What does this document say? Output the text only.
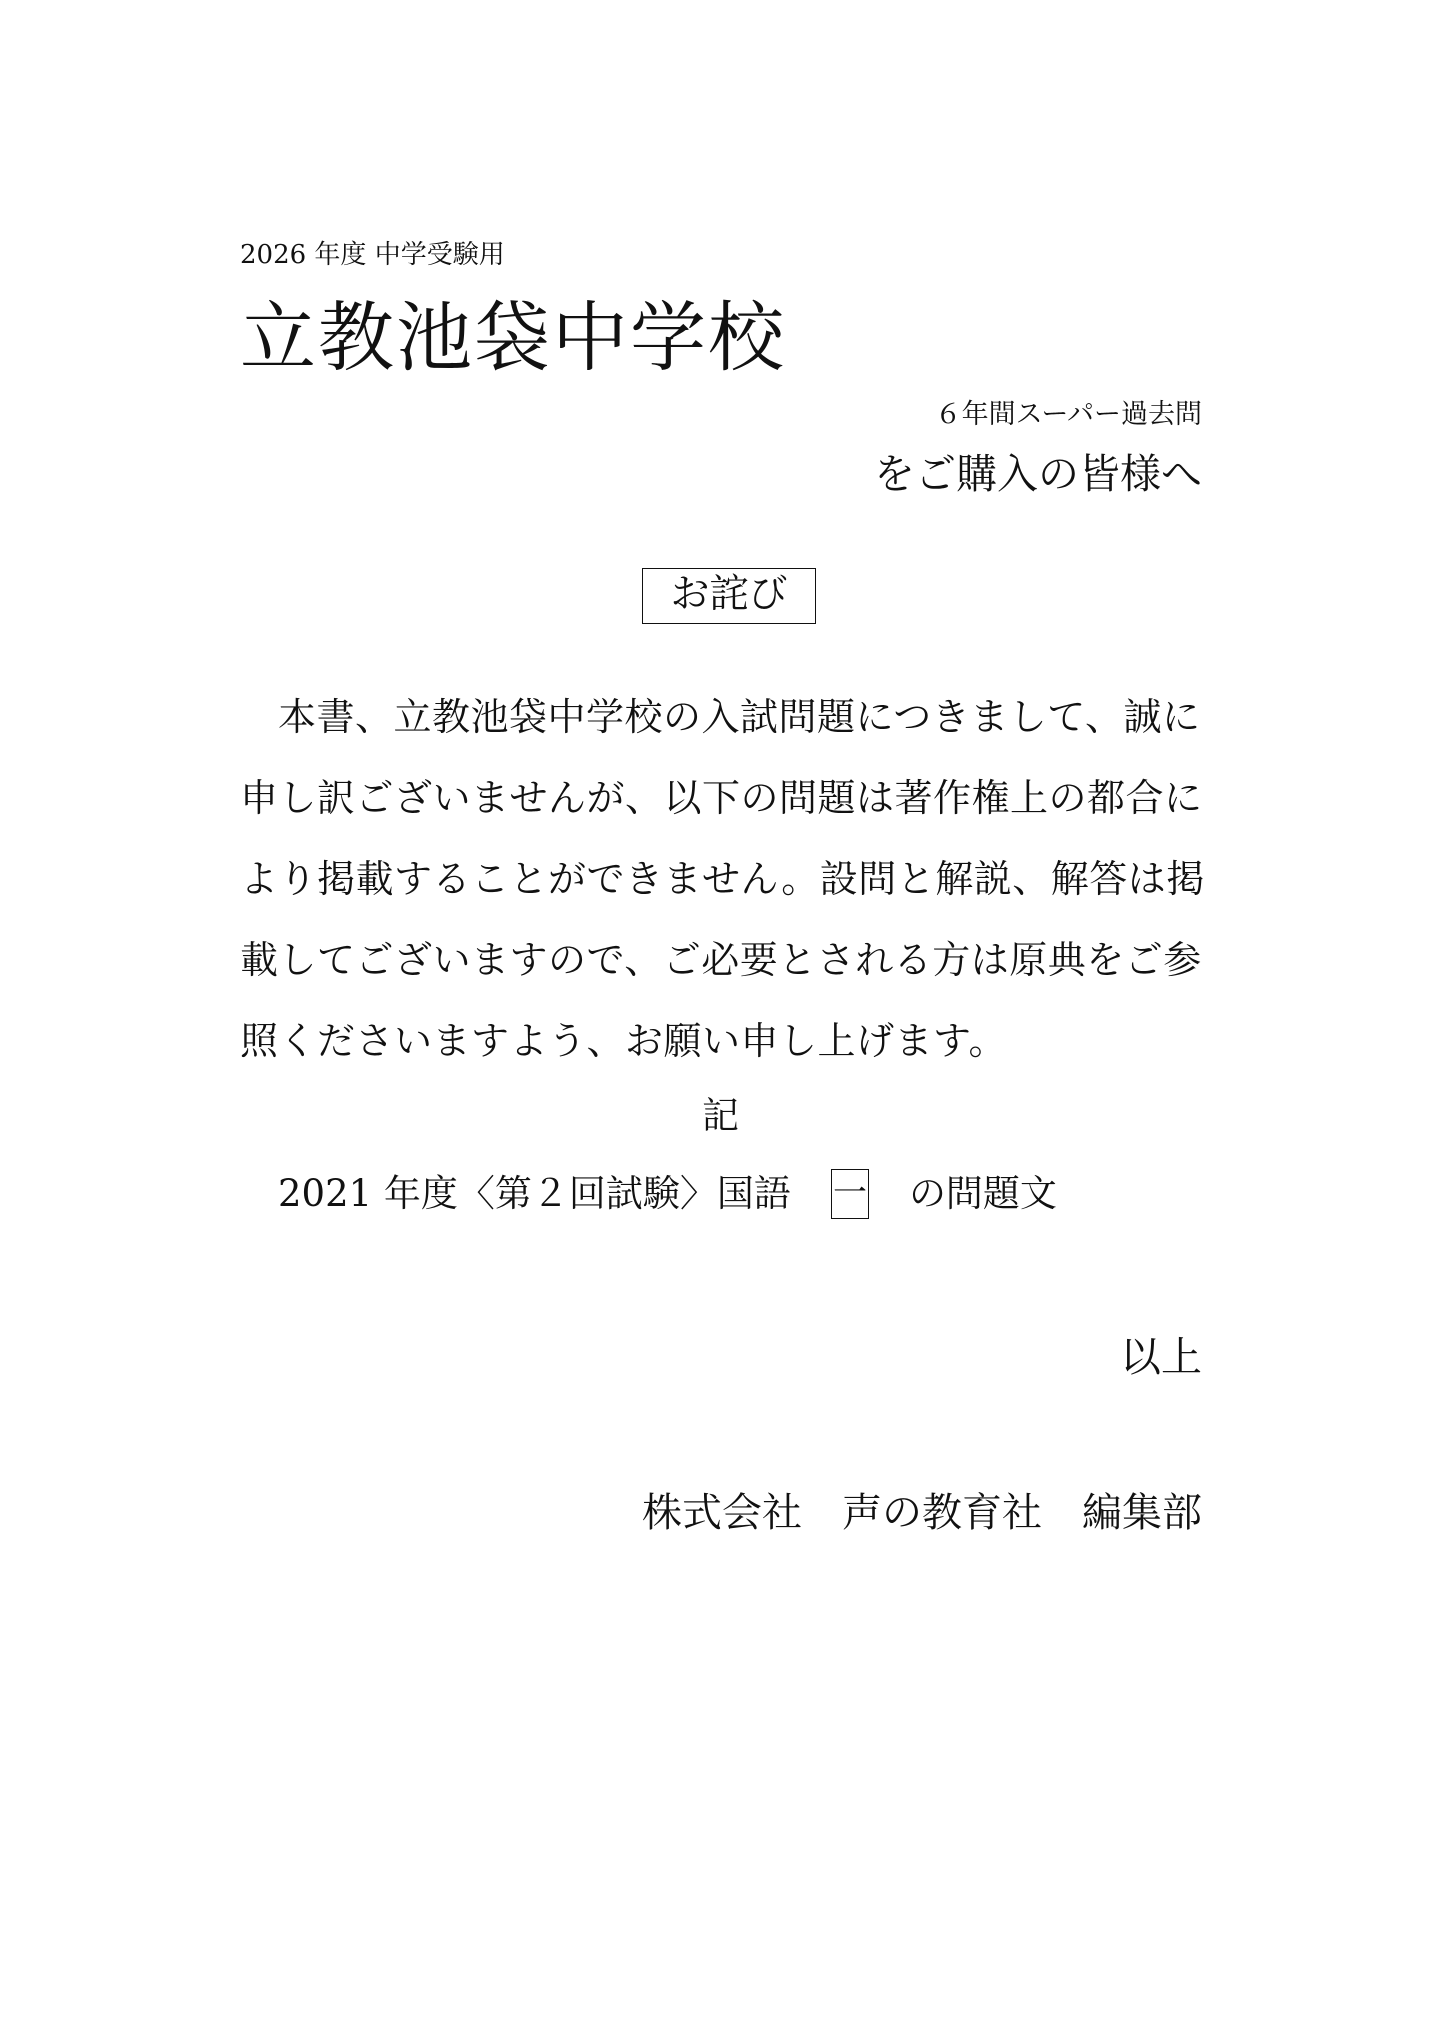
2026 年度 中学受験用
立教池袋中学校
６年間スーパー過去問
をご購入の皆様へ
お詫び
本書、立教池袋中学校の入試問題につきまして、誠に
申し訳ございませんが、以下の問題は著作権上の都合に
より掲載することができません。設問と解説、解答は掲
載してございますので、ご必要とされる方は原典をご参
照くださいますよう、お願い申し上げます。
記
2021 年度〈第２回試験〉国語 一 の問題文
以上
株式会社　声の教育社　編集部
